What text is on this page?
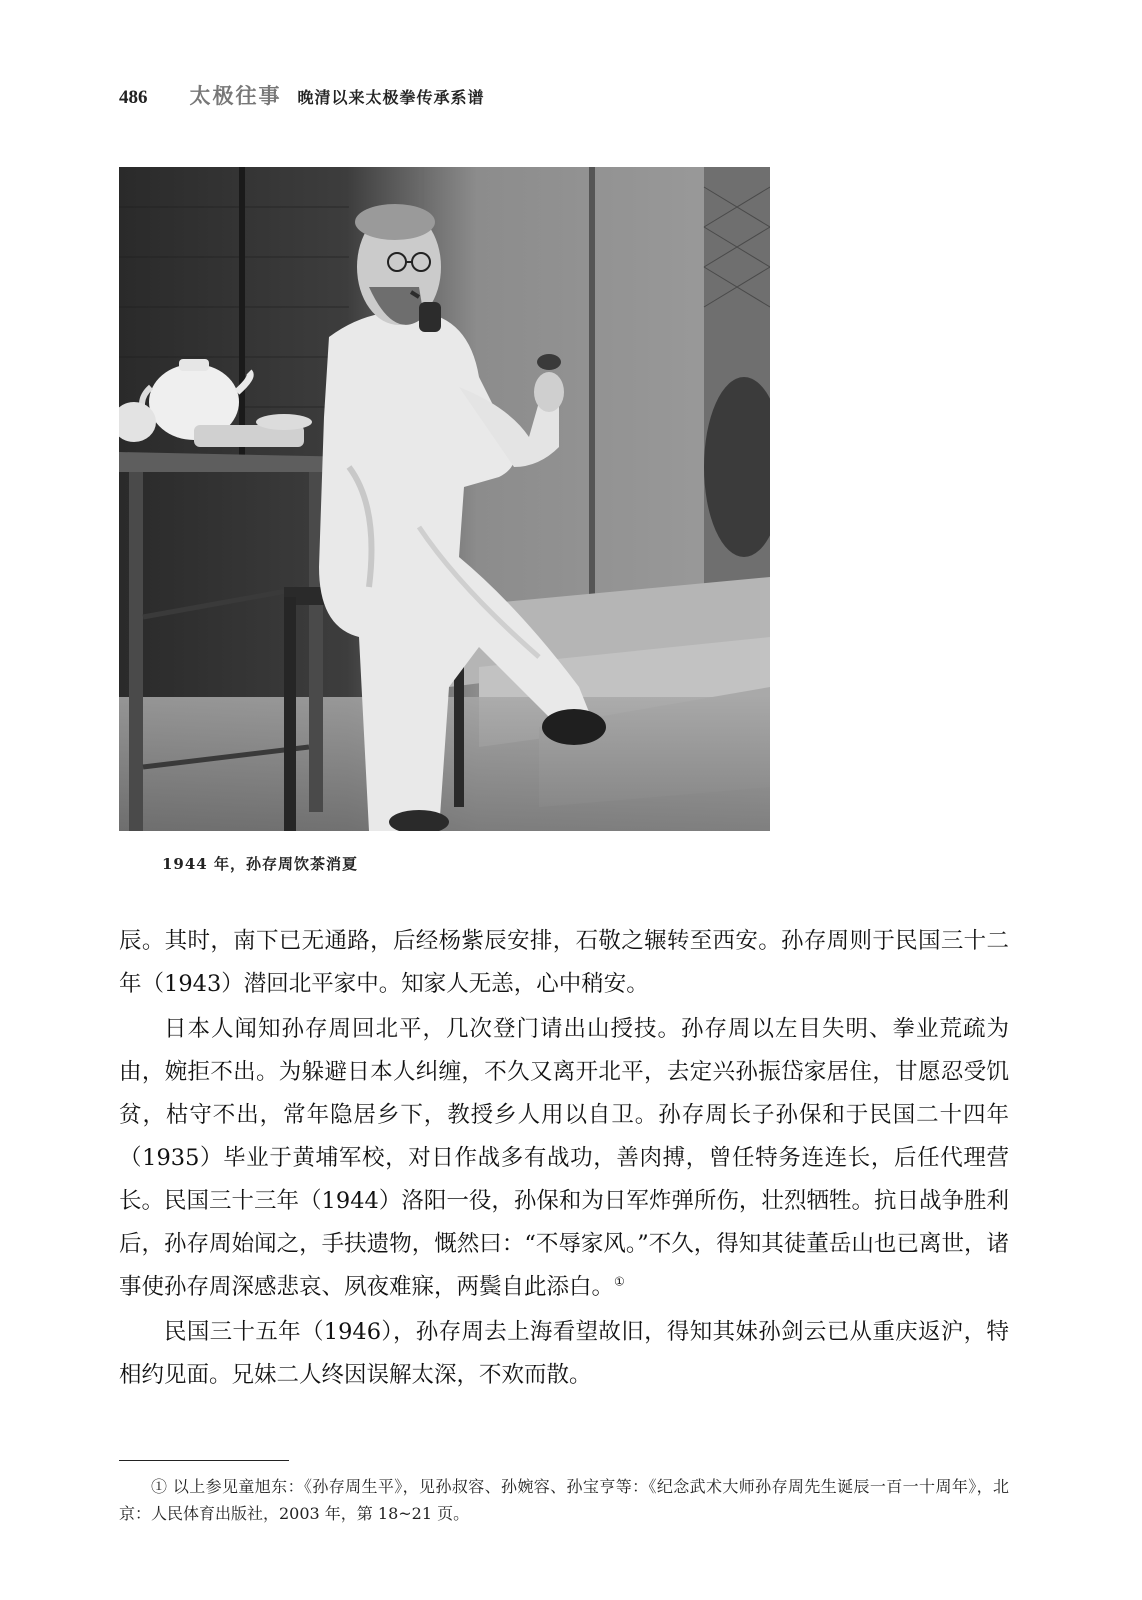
486 太极往事 晚清以来太极拳传承系谱
1944 年，孙存周饮茶消夏

辰。其时，南下已无通路，后经杨紫辰安排，石敬之辗转至西安。孙存周则于民国三十二年（1943）潜回北平家中。知家人无恙，心中稍安。

日本人闻知孙存周回北平，几次登门请出山授技。孙存周以左目失明、拳业荒疏为由，婉拒不出。为躲避日本人纠缠，不久又离开北平，去定兴孙振岱家居住，甘愿忍受饥贫，枯守不出，常年隐居乡下，教授乡人用以自卫。孙存周长子孙保和于民国二十四年（1935）毕业于黄埔军校，对日作战多有战功，善肉搏，曾任特务连连长，后任代理营长。民国三十三年（1944）洛阳一役，孙保和为日军炸弹所伤，壮烈牺牲。抗日战争胜利后，孙存周始闻之，手扶遗物，慨然曰：“不辱家风。”不久，得知其徒董岳山也已离世，诸事使孙存周深感悲哀、夙夜难寐，两鬓自此添白。①

民国三十五年（1946），孙存周去上海看望故旧，得知其妹孙剑云已从重庆返沪，特相约见面。兄妹二人终因误解太深，不欢而散。

① 以上参见童旭东：《孙存周生平》，见孙叔容、孙婉容、孙宝亨等：《纪念武术大师孙存周先生诞辰一百一十周年》，北京：人民体育出版社，2003 年，第 18~21 页。
